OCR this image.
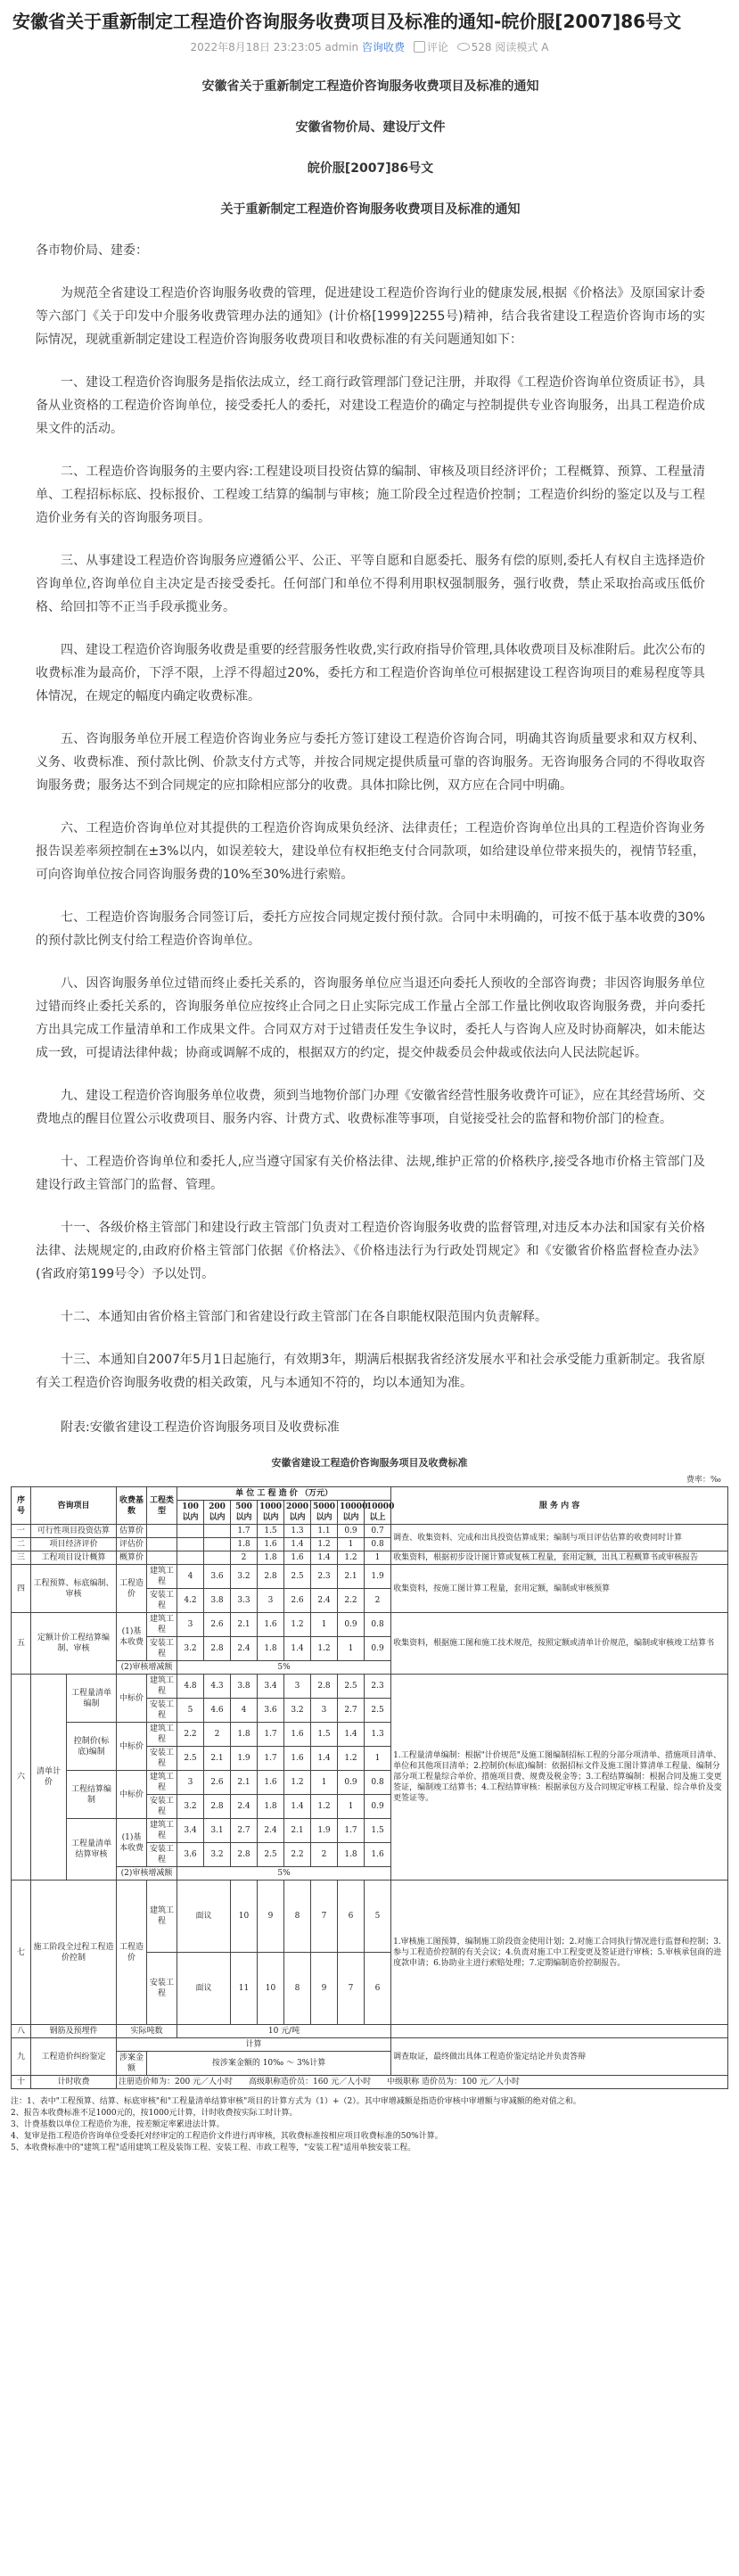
安徽省关于重新制定工程造价咨询服务收费项目及标准的通知-皖价服[2007]86号文
2022年8月18日 23:23:05 admin 咨询收费 评论 528 阅读模式 A
安徽省关于重新制定工程造价咨询服务收费项目及标准的通知
安徽省物价局、建设厅文件
皖价服[2007]86号文
关于重新制定工程造价咨询服务收费项目及标准的通知
各市物价局、建委：

为规范全省建设工程造价咨询服务收费的管理，促进建设工程造价咨询行业的健康发展,根据《价格法》及原国家计委等六部门《关于印发中介服务收费管理办法的通知》(计价格[1999]2255号)精神，结合我省建设工程造价咨询市场的实际情况，现就重新制定建设工程造价咨询服务收费项目和收费标准的有关问题通知如下：

一、建设工程造价咨询服务是指依法成立，经工商行政管理部门登记注册，并取得《工程造价咨询单位资质证书》，具备从业资格的工程造价咨询单位，接受委托人的委托，对建设工程造价的确定与控制提供专业咨询服务，出具工程造价成果文件的活动。

二、工程造价咨询服务的主要内容:工程建设项目投资估算的编制、审核及项目经济评价；工程概算、预算、工程量清单、工程招标标底、投标报价、工程竣工结算的编制与审核；施工阶段全过程造价控制；工程造价纠纷的鉴定以及与工程造价业务有关的咨询服务项目。

三、从事建设工程造价咨询服务应遵循公平、公正、平等自愿和自愿委托、服务有偿的原则,委托人有权自主选择造价咨询单位,咨询单位自主决定是否接受委托。任何部门和单位不得利用职权强制服务，强行收费，禁止采取抬高或压低价格、给回扣等不正当手段承揽业务。

四、建设工程造价咨询服务收费是重要的经营服务性收费,实行政府指导价管理,具体收费项目及标准附后。此次公布的收费标准为最高价，下浮不限，上浮不得超过20%，委托方和工程造价咨询单位可根据建设工程咨询项目的难易程度等具体情况，在规定的幅度内确定收费标准。

五、咨询服务单位开展工程造价咨询业务应与委托方签订建设工程造价咨询合同，明确其咨询质量要求和双方权利、义务、收费标准、预付款比例、价款支付方式等，并按合同规定提供质量可靠的咨询服务。无咨询服务合同的不得收取咨询服务费；服务达不到合同规定的应扣除相应部分的收费。具体扣除比例，双方应在合同中明确。

六、工程造价咨询单位对其提供的工程造价咨询成果负经济、法律责任；工程造价咨询单位出具的工程造价咨询业务报告误差率须控制在±3%以内，如误差较大，建设单位有权拒绝支付合同款项，如给建设单位带来损失的，视情节轻重，可向咨询单位按合同咨询服务费的10%至30%进行索赔。

七、工程造价咨询服务合同签订后，委托方应按合同规定拨付预付款。合同中未明确的，可按不低于基本收费的30%的预付款比例支付给工程造价咨询单位。

八、因咨询服务单位过错而终止委托关系的，咨询服务单位应当退还向委托人预收的全部咨询费；非因咨询服务单位过错而终止委托关系的，咨询服务单位应按终止合同之日止实际完成工作量占全部工作量比例收取咨询服务费，并向委托方出具完成工作量清单和工作成果文件。合同双方对于过错责任发生争议时，委托人与咨询人应及时协商解决，如未能达成一致，可提请法律仲裁；协商或调解不成的，根据双方的约定，提交仲裁委员会仲裁或依法向人民法院起诉。

九、建设工程造价咨询服务单位收费，须到当地物价部门办理《安徽省经营性服务收费许可证》，应在其经营场所、交费地点的醒目位置公示收费项目、服务内容、计费方式、收费标准等事项，自觉接受社会的监督和物价部门的检查。

十、工程造价咨询单位和委托人,应当遵守国家有关价格法律、法规,维护正常的价格秩序,接受各地市价格主管部门及建设行政主管部门的监督、管理。

十一、各级价格主管部门和建设行政主管部门负责对工程造价咨询服务收费的监督管理,对违反本办法和国家有关价格法律、法规规定的,由政府价格主管部门依据《价格法》、《价格违法行为行政处罚规定》和《安徽省价格监督检查办法》(省政府第199号令）予以处罚。

十二、本通知由省价格主管部门和省建设行政主管部门在各自职能权限范围内负责解释。

十三、本通知自2007年5月1日起施行，有效期3年，期满后根据我省经济发展水平和社会承受能力重新制定。我省原有关工程造价咨询服务收费的相关政策，凡与本通知不符的，均以本通知为准。

附表:安徽省建设工程造价咨询服务项目及收费标准
安徽省建设工程造价咨询服务项目及收费标准
费率：‰
序号	咨询项目		收费基数	工程类型	单 位 工 程 造 价 （万元）								服 务 内 容
					100以内	200以内	500以内	1000以内	2000以内	5000以内	10000以内	10000以上	
一	可行性项目投资估算		估算价				1.7	1.5	1.3	1.1	0.9	0.7	调查、收集资料、完成和出具投资估算成果；编制与项目评估估算的收费同时计算
二	项目经济评价		评估价				1.8	1.6	1.4	1.2	1	0.8	
三	工程项目设计概算		概算价				2	1.8	1.6	1.4	1.2	1	收集资料，根据初步设计图计算或复核工程量，套用定额，出具工程概算书或审核报告
四	工程预算、标底编制、审核		工程造价	建筑工程	4	3.6	3.2	2.8	2.5	2.3	2.1	1.9	收集资料，按施工图计算工程量，套用定额，编制或审核预算
				安装工程	4.2	3.8	3.3	3	2.6	2.4	2.2	2	
五	定额计价工程结算编制、审核		(1)基本收费	建筑工程	3	2.6	2.1	1.6	1.2	1	0.9	0.8	收集资料，根据施工图和施工技术规范，按照定额或清单计价规范，编制或审核竣工结算书
				安装工程	3.2	2.8	2.4	1.8	1.4	1.2	1	0.9	
			(2)审核增减额		5%								
六	清单计价	工程量清单编制	中标价	建筑工程	4.8	4.3	3.8	3.4	3	2.8	2.5	2.3	1.工程量清单编制：根据"计价规范"及施工图编制招标工程的分部分项清单、措施项目清单、单位和其他项目清单；2.控制价(标底)编制：依据招标文件及施工图计算清单工程量、编制分部分项工程量综合单价、措施项目费、规费及税金等；3.工程结算编制：根据合同及施工变更签证，编制竣工结算书；4.工程结算审核：根据承包方及合同规定审核工程量、综合单价及变更签证等。
				安装工程	5	4.6	4	3.6	3.2	3	2.7	2.5	
		控制价(标底)编制	中标价	建筑工程	2.2	2	1.8	1.7	1.6	1.5	1.4	1.3	
				安装工程	2.5	2.1	1.9	1.7	1.6	1.4	1.2	1	
		工程结算编制	中标价	建筑工程	3	2.6	2.1	1.6	1.2	1	0.9	0.8	
				安装工程	3.2	2.8	2.4	1.8	1.4	1.2	1	0.9	
		工程量清单结算审核	(1)基本收费	建筑工程	3.4	3.1	2.7	2.4	2.1	1.9	1.7	1.5	
				安装工程	3.6	3.2	2.8	2.5	2.2	2	1.8	1.6	
			(2)审核增减额		5%								
七	施工阶段全过程工程造价控制		工程造价	建筑工程	面议		10	9	8	7	6	5	1.审核施工图预算，编制施工阶段资金使用计划；2.对施工合同执行情况进行监督和控制；3.参与工程造价控制的有关会议；4.负责对施工中工程变更及签证进行审核；5.审核承包商的进度款申请；6.协助业主进行索赔处理；7.定期编制造价控制报告。
				安装工程	面议		11	10	8	9	7	6	
八	钢筋及预埋件		实际吨数		10 元/吨								
九	工程造价纠纷鉴定		计算										调查取证，最终做出具体工程造价鉴定结论并负责答辩
			涉案金额	按涉案金额的 10‰ ～ 3%计算									
十	计时收费		注册造价师为：200 元／人小时　　高级职称造价员：160 元／人小时　　中级职称 造价员为：100 元／人小时										
注：1、表中"工程预算、结算、标底审核"和"工程量清单结算审核"项目的计算方式为（1）+（2）。其中审增减额是指造价审核中审增额与审减额的绝对值之和。
2、报告本收费标准不足1000元的，按1000元计算，计时收费按实际工时计算。
3、计费基数以单位工程造价为准，按差额定率累进法计算。
4、复审是指工程造价咨询单位受委托对经审定的工程造价文件进行再审核，其收费标准按相应项目收费标准的50%计算。
5、本收费标准中的"建筑工程"适用建筑工程及装饰工程、安装工程、市政工程等，"安装工程"适用单独安装工程。
